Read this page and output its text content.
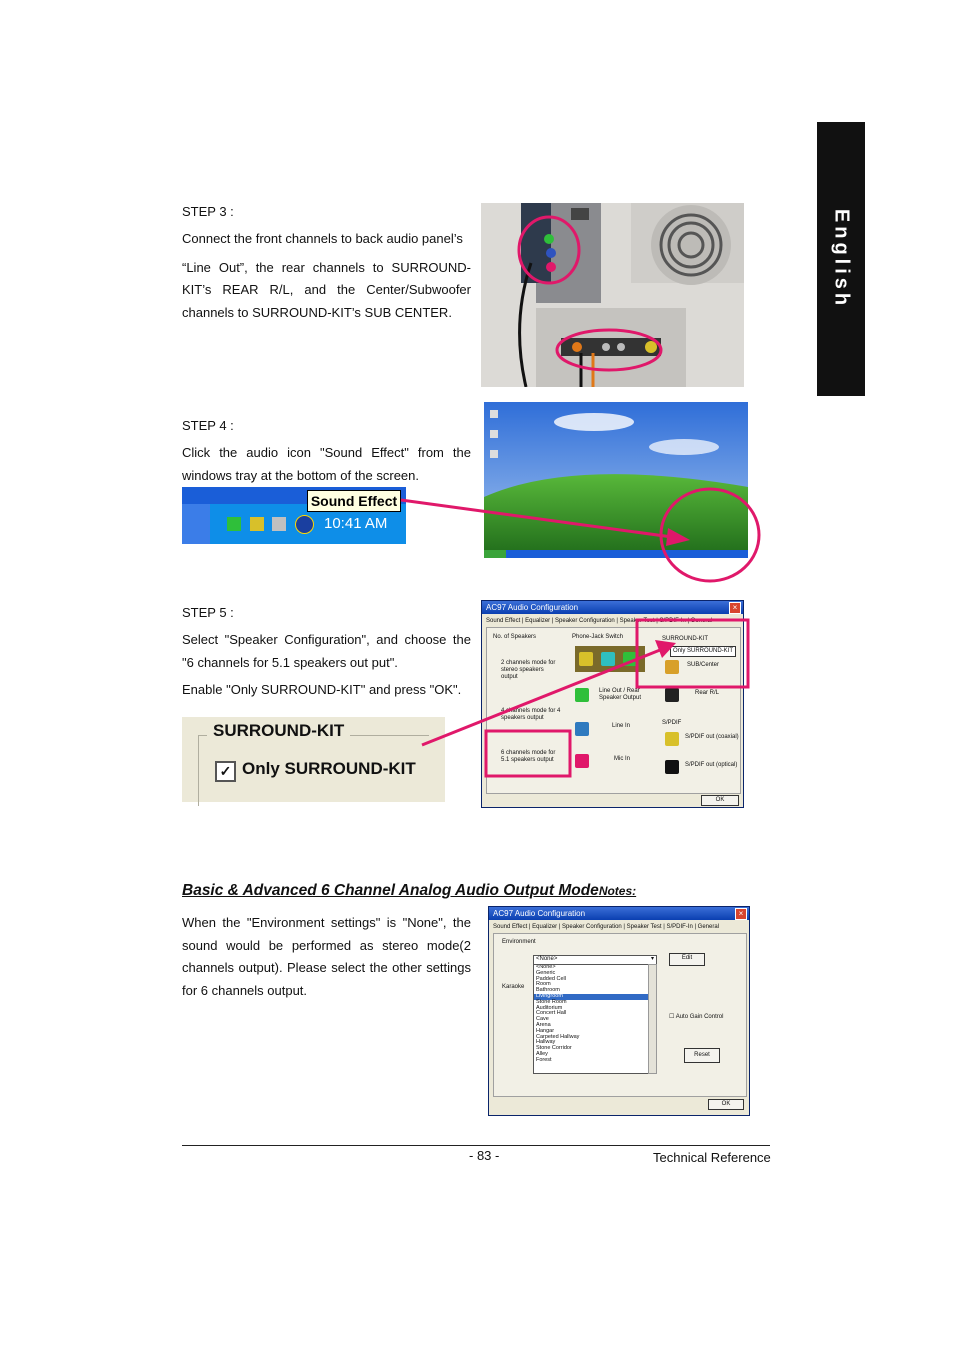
English
STEP 3 :
Connect the front channels to back audio panel’s
“Line Out”, the rear channels to SURROUND-KIT’s REAR R/L, and the Center/Subwoofer channels to SURROUND-KIT’s SUB CENTER.
STEP 4 :
Click the audio icon "Sound Effect" from the windows tray at the bottom of the screen.
Sound Effect
10:41 AM
STEP 5 :
Select "Speaker Configuration", and choose the "6 channels for 5.1 speakers out put".
Enable "Only SURROUND-KIT" and press "OK".
SURROUND-KIT
✓ Only SURROUND-KIT
AC97 Audio Configuration	×
Sound Effect | Equalizer | Speaker Configuration | Speaker Test | S/PDIF-In | General
No. of Speakers	Phone-Jack Switch	SURROUND-KIT
Only SURROUND-KIT
2 channels mode for stereo speakers output
4 channels mode for 4 speakers output
6 channels mode for 5.1 speakers output
Line Out / Rear Speaker Output
Line In
Mic In
SUB/Center
Rear R/L
S/PDIF
S/PDIF out (coaxial)
S/PDIF out (optical)
OK
Basic & Advanced 6 Channel Analog Audio Output ModeNotes:
When the "Environment settings" is "None", the sound would be performed as stereo mode(2 channels output). Please select the other settings for 6 channels output.
AC97 Audio Configuration	×
Sound Effect | Equalizer | Speaker Configuration | Speaker Test | S/PDIF-In | General
Environment
Karaoke
<None>	▾
<None>
Generic
Padded Cell
Room
Bathroom
Livingroom
Stone Room
Auditorium
Concert Hall
Cave
Arena
Hangar
Carpeted Hallway
Hallway
Stone Corridor
Alley
Forest
Edit
☐ Auto Gain Control
Reset
OK
- 83 -	Technical Reference
